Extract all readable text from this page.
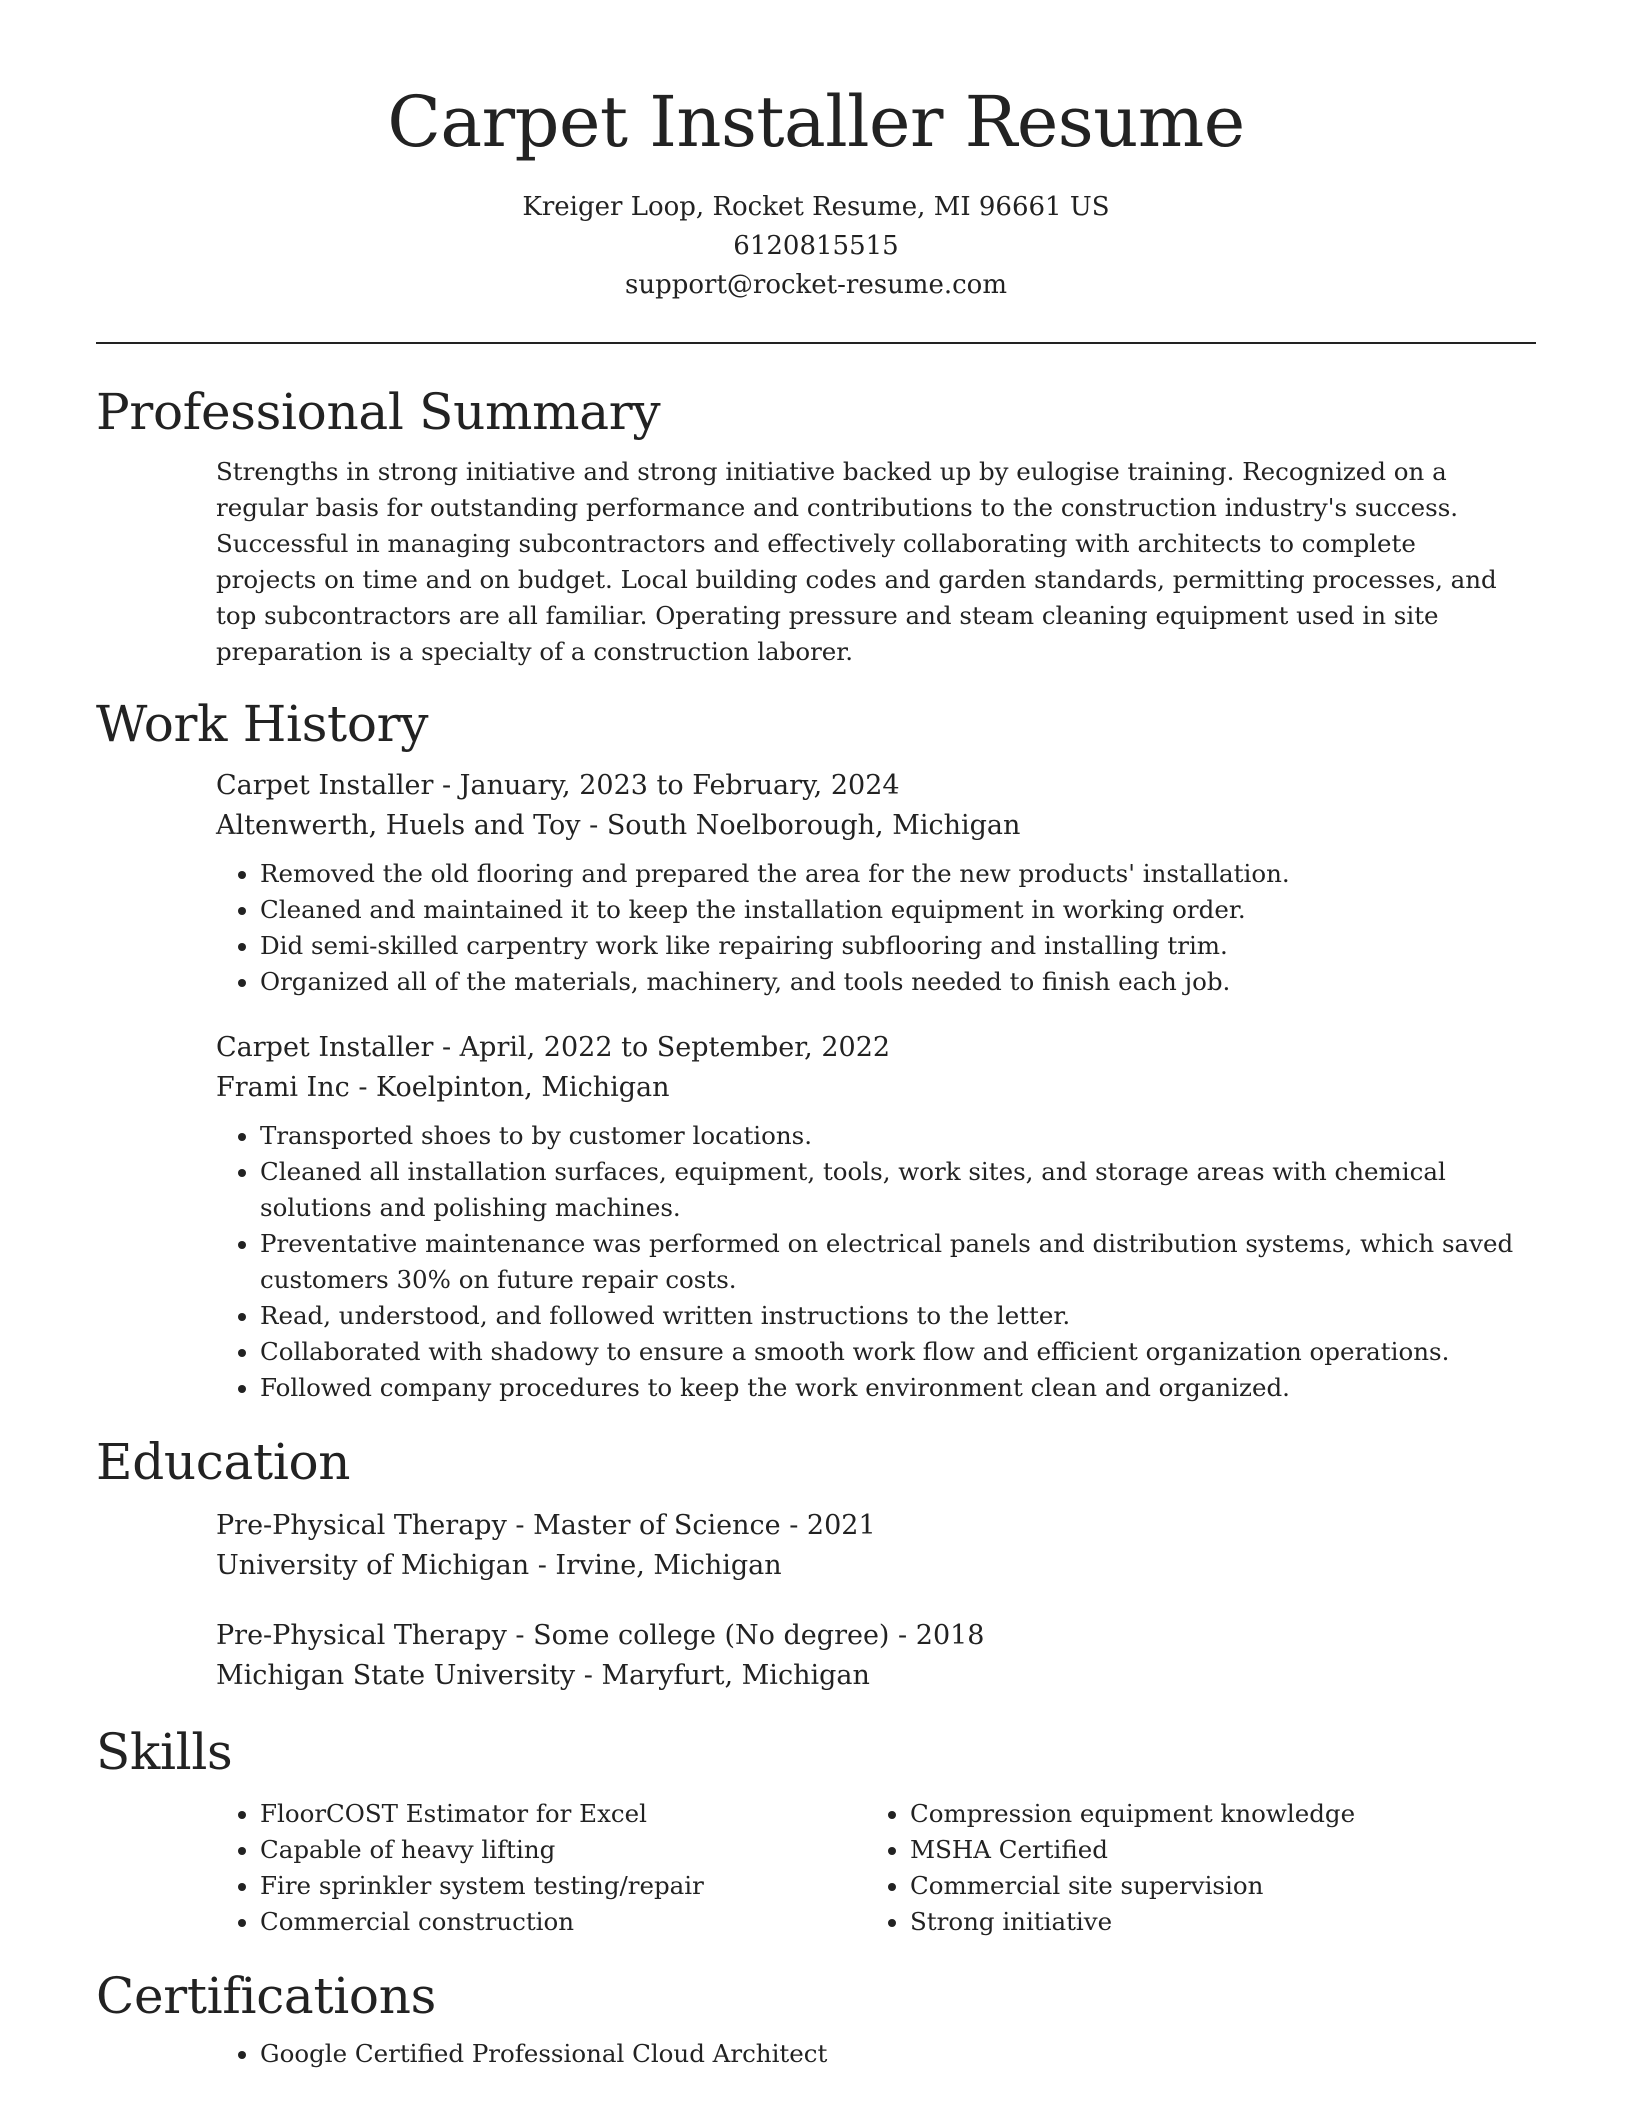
Carpet Installer Resume
Kreiger Loop, Rocket Resume, MI 96661 US
6120815515
support@rocket-resume.com
Professional Summary

Strengths in strong initiative and strong initiative backed up by eulogise training. Recognized on a regular basis for outstanding performance and contributions to the construction industry's success. Successful in managing subcontractors and effectively collaborating with architects to complete projects on time and on budget. Local building codes and garden standards, permitting processes, and top subcontractors are all familiar. Operating pressure and steam cleaning equipment used in site preparation is a specialty of a construction laborer.

Work History
Carpet Installer - January, 2023 to February, 2024
Altenwerth, Huels and Toy - South Noelborough, Michigan
• Removed the old flooring and prepared the area for the new products' installation.
• Cleaned and maintained it to keep the installation equipment in working order.
• Did semi-skilled carpentry work like repairing subflooring and installing trim.
• Organized all of the materials, machinery, and tools needed to finish each job.
Carpet Installer - April, 2022 to September, 2022
Frami Inc - Koelpinton, Michigan
• Transported shoes to by customer locations.
• Cleaned all installation surfaces, equipment, tools, work sites, and storage areas with chemical solutions and polishing machines.
• Preventative maintenance was performed on electrical panels and distribution systems, which saved customers 30% on future repair costs.
• Read, understood, and followed written instructions to the letter.
• Collaborated with shadowy to ensure a smooth work flow and efficient organization operations.
• Followed company procedures to keep the work environment clean and organized.
Education
Pre-Physical Therapy - Master of Science - 2021
University of Michigan - Irvine, Michigan
Pre-Physical Therapy - Some college (No degree) - 2018
Michigan State University - Maryfurt, Michigan
Skills
• FloorCOST Estimator for Excel
• Capable of heavy lifting
• Fire sprinkler system testing/repair
• Commercial construction
• Compression equipment knowledge
• MSHA Certified
• Commercial site supervision
• Strong initiative
Certifications
• Google Certified Professional Cloud Architect
